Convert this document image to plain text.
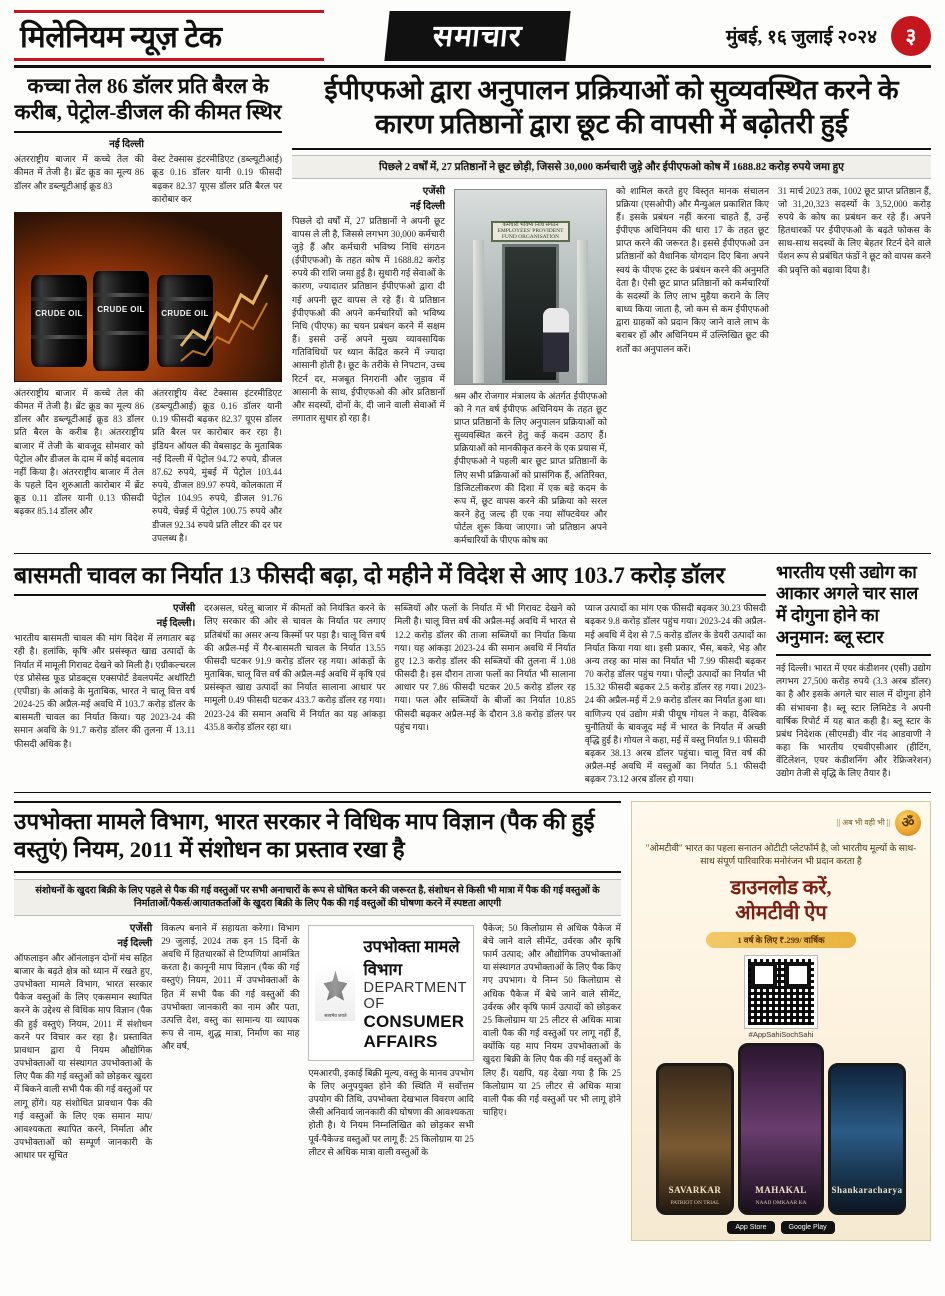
मिलेनियम न्यूज़ टेक	समाचार	मुंबई, १६ जुलाई २०२४	३
कच्चा तेल 86 डॉलर प्रति बैरल के करीब, पेट्रोल-डीजल की कीमत स्थिर
नई दिल्ली
अंतरराष्ट्रीय बाजार में कच्चे तेल की कीमत में तेजी है। ब्रेंट क्रूड का मूल्य 86 डॉलर और डब्ल्यूटीआई क्रूड 83
वेस्ट टेक्सास इंटरमीडिएट (डब्ल्यूटीआई) क्रूड 0.16 डॉलर यानी 0.19 फीसदी बढ़कर 82.37 यूएस डॉलर प्रति बैरल पर कारोबार कर
CRUDE OIL	CRUDE OIL	CRUDE OIL
अंतरराष्ट्रीय बाजार में कच्चे तेल की कीमत में तेजी है। ब्रेंट क्रूड का मूल्य 86 डॉलर और डब्ल्यूटीआई क्रूड 83 डॉलर प्रति बैरल के करीब है। अंतरराष्ट्रीय बाजार में तेजी के बावजूद सोमवार को पेट्रोल और डीजल के दाम में कोई बदलाव नहीं किया है। अंतरराष्ट्रीय बाजार में तेल के पहले दिन शुरुआती कारोबार में ब्रेंट क्रूड 0.11 डॉलर यानी 0.13 फीसदी बढ़कर 85.14 डॉलर और
अंतरराष्ट्रीय वेस्ट टेक्सास इंटरमीडिएट (डब्ल्यूटीआई) क्रूड 0.16 डॉलर यानी 0.19 फीसदी बढ़कर 82.37 यूएस डॉलर प्रति बैरल पर कारोबार कर रहा है। इंडियन ऑयल की वेबसाइट के मुताबिक नई दिल्ली में पेट्रोल 94.72 रुपये, डीजल 87.62 रुपये, मुंबई में पेट्रोल 103.44 रुपये, डीजल 89.97 रुपये, कोलकाता में पेट्रोल 104.95 रुपये, डीजल 91.76 रुपये, चेन्नई में पेट्रोल 100.75 रुपये और डीजल 92.34 रुपये प्रति लीटर की दर पर उपलब्ध है।
ईपीएफओ द्वारा अनुपालन प्रक्रियाओं को सुव्यवस्थित करने के कारण प्रतिष्ठानों द्वारा छूट की वापसी में बढ़ोतरी हुई
पिछले 2 वर्षों में, 27 प्रतिष्ठानों ने छूट छोड़ी, जिससे 30,000 कर्मचारी जुड़े और ईपीएफओ कोष में 1688.82 करोड़ रुपये जमा हुए
एजेंसी
नई दिल्ली
पिछले दो वर्षों में, 27 प्रतिष्ठानों ने अपनी छूट वापस ले ली है, जिससे लगभग 30,000 कर्मचारी जुड़े हैं और कर्मचारी भविष्य निधि संगठन (ईपीएफओ) के तहत कोष में 1688.82 करोड़ रुपये की राशि जमा हुई है। सुधारी गई सेवाओं के कारण, ज्यादातर प्रतिष्ठान ईपीएफओ द्वारा दी गई अपनी छूट वापस ले रहे हैं। ये प्रतिष्ठान ईपीएफओ की अपने कर्मचारियों को भविष्य निधि (पीएफ) का चयन प्रबंधन करने में सक्षम हैं। इससे उन्हें अपने मुख्य व्यावसायिक गतिविधियों पर ध्यान केंद्रित करने में ज्यादा आसानी होती है। छूट के तरीके से निपटान, उच्च रिटर्न दर, मजबूत निगरानी और जुड़ाव में आसानी के साथ, ईपीएफओ की ओर प्रतिष्ठानों और सदस्यों, दोनों के, दी जाने वाली सेवाओं में लगातार सुधार हो रहा है।
कर्मचारी भविष्य निधि संगठन
EMPLOYEES' PROVIDENT FUND ORGANISATION
श्रम और रोजगार मंत्रालय के अंतर्गत ईपीएफओ को ने गत वर्ष ईपीएफ अधिनियम के तहत छूट प्राप्त प्रतिष्ठानों के लिए अनुपालन प्रक्रियाओं को सुव्यवस्थित करने हेतु कई कदम उठाए हैं। प्रक्रियाओं को मानकीकृत करने के एक प्रयास में, ईपीएफओ ने पहली बार छूट प्राप्त प्रतिष्ठानों के लिए सभी प्रक्रियाओं को प्रासंगिक हैं, अतिरिक्त, डिजिटलीकरण की दिशा में एक बड़े कदम के रूप में, छूट वापस करने की प्रक्रिया को सरल करने हेतु जल्द ही एक नया सॉफ्टवेयर और पोर्टल शुरू किया जाएगा। जो प्रतिष्ठान अपने कर्मचारियों के पीएफ कोष का
को शामिल करते हुए विस्तृत मानक संचालन प्रक्रिया (एसओपी) और मैन्युअल प्रकाशित किए हैं। इसके प्रबंधन नहीं करना चाहते हैं, उन्हें ईपीएफ अधिनियम की धारा 17 के तहत छूट प्राप्त करने की जरूरत है। इससे ईपीएफओ उन प्रतिष्ठानों को वैधानिक योगदान दिए बिना अपने स्वयं के पीएफ ट्रस्ट के प्रबंधन करने की अनुमति देता है। ऐसी छूट प्राप्त प्रतिष्ठानों को कर्मचारियों के सदस्यों के लिए लाभ मुहैया कराने के लिए बाध्य किया जाता है, जो कम से कम ईपीएफओ द्वारा ग्राहकों को प्रदान किए जाने वाले लाभ के बराबर हों और अधिनियम में उल्लिखित छूट की शर्तों का अनुपालन करें।
31 मार्च 2023 तक, 1002 छूट प्राप्त प्रतिष्ठान हैं, जो 31,20,323 सदस्यों के 3,52,000 करोड़ रुपये के कोष का प्रबंधन कर रहे हैं। अपने हितधारकों पर ईपीएफओ के बढ़ते फोकस के साथ-साथ सदस्यों के लिए बेहतर रिटर्न देने वाले पेंशन रूप से प्रबंधित फंडों ने छूट को वापस करने की प्रवृत्ति को बढ़ावा दिया है।
बासमती चावल का निर्यात 13 फीसदी बढ़ा, दो महीने में विदेश से आए 103.7 करोड़ डॉलर
एजेंसी
नई दिल्ली।
भारतीय बासमती चावल की मांग विदेश में लगातार बढ़ रही है। हलांकि, कृषि और प्रसंस्कृत खाद्य उत्पादों के निर्यात में मामूली गिरावट देखने को मिली है। एग्रीकल्चरल एंड प्रोसेस्ड फूड प्रोडक्ट्स एक्सपोर्ट डेवलपमेंट अथॉरिटी (एपीडा) के आंकड़े के मुताबिक, भारत ने चालू वित्त वर्ष 2024-25 की अप्रैल-मई अवधि में 103.7 करोड़ डॉलर के बासमती चावल का निर्यात किया। यह 2023-24 की समान अवधि के 91.7 करोड़ डॉलर की तुलना में 13.11 फीसदी अधिक है।
दरअसल, घरेलू बाजार में कीमतों को नियंत्रित करने के लिए सरकार की ओर से चावल के निर्यात पर लगाए प्रतिबंधों का असर अन्य किस्मों पर पड़ा है। चालू वित्त वर्ष की अप्रैल-मई में गैर-बासमती चावल के निर्यात 13.55 फीसदी घटकर 91.9 करोड़ डॉलर रह गया। आंकड़ों के मुताबिक, चालू वित्त वर्ष की अप्रैल-मई अवधि में कृषि एवं प्रसंस्कृत खाद्य उत्पादों का निर्यात सालाना आधार पर मामूली 0.49 फीसदी घटकर 433.7 करोड़ डॉलर रह गया। 2023-24 की समान अवधि में निर्यात का यह आंकड़ा 435.8 करोड़ डॉलर रहा था।
सब्जियों और फलों के निर्यात में भी गिरावट देखने को मिली है। चालू वित्त वर्ष की अप्रैल-मई अवधि में भारत से 12.2 करोड़ डॉलर की ताजा सब्जियों का निर्यात किया गया। यह आंकड़ा 2023-24 की समान अवधि में निर्यात हुए 12.3 करोड़ डॉलर की सब्जियों की तुलना में 1.08 फीसदी है। इस दौरान ताजा फलों का निर्यात भी सालाना आधार पर 7.86 फीसदी घटकर 20.5 करोड़ डॉलर रह गया। फल और सब्जियों के बीजों का निर्यात 10.85 फीसदी बढ़कर अप्रैल-मई के दौरान 3.8 करोड़ डॉलर पर पहुंच गया।
प्याज उत्पादों का मांग एक फीसदी बढ़कर 30.23 फीसदी बढ़कर 9.8 करोड़ डॉलर पहुंच गया। 2023-24 की अप्रैल-मई अवधि में देश से 7.5 करोड़ डॉलर के डेयरी उत्पादों का निर्यात किया गया था। इसी प्रकार, भैंस, बकरे, भेड़ और अन्य तरह का मांस का निर्यात भी 7.99 फीसदी बढ़कर 70 करोड़ डॉलर पहुंच गया। पोल्ट्री उत्पादों का निर्यात भी 15.32 फीसदी बढ़कर 2.5 करोड़ डॉलर रह गया। 2023-24 की अप्रैल-मई में 2.9 करोड़ डॉलर का निर्यात हुआ था। वाणिज्य एवं उद्योग मंत्री पीयूष गोयल ने कहा, वैश्विक चुनौतियों के बावजूद मई में भारत के निर्यात में अच्छी वृद्धि हुई है। गोयल ने कहा, मई में वस्तु निर्यात 9.1 फीसदी बढ़कर 38.13 अरब डॉलर पहुंचा। चालू वित्त वर्ष की अप्रैल-मई अवधि में वस्तुओं का निर्यात 5.1 फीसदी बढ़कर 73.12 अरब डॉलर हो गया।
भारतीय एसी उद्योग का आकार अगले चार साल में दोगुना होने का अनुमान: ब्लू स्टार
नई दिल्ली। भारत में एयर कंडीशनर (एसी) उद्योग लगभग 27,500 करोड़ रुपये (3.3 अरब डॉलर) का है और इसके अगले चार साल में दोगुना होने की संभावना है। ब्लू स्टार लिमिटेड ने अपनी वार्षिक रिपोर्ट में यह बात कही है। ब्लू स्टार के प्रबंध निदेशक (सीएमडी) वीर नंद आडवाणी ने कहा कि भारतीय एचवीएसीआर (हीटिंग, वेंटिलेशन, एयर कंडीशनिंग और रेफ्रिजरेशन) उद्योग तेजी से वृद्धि के लिए तैयार है।
उपभोक्ता मामले विभाग, भारत सरकार ने विधिक माप विज्ञान (पैक की हुई वस्तुएं) नियम, 2011 में संशोधन का प्रस्ताव रखा है
संशोधनों के खुदरा बिक्री के लिए पहले से पैक की गई वस्तुओं पर सभी अनाचारों के रूप से घोषित करने की जरूरत है, संशोधन से किसी भी मात्रा में पैक की गई वस्तुओं के निर्माताओं/पैकर्स/आयातकर्ताओं के खुदरा बिक्री के लिए पैक की गई वस्तुओं की घोषणा करने में स्पष्टता आएगी
एजेंसी
नई दिल्ली
ऑफलाइन और ऑनलाइन दोनों मंच सहित बाजार के बढ़ते क्षेत्र को ध्यान में रखते हुए, उपभोक्ता मामले विभाग, भारत सरकार पैकेज वस्तुओं के लिए एकसमान स्थापित करने के उद्देश्य से विधिक माप विज्ञान (पैक की हुई वस्तुएं) नियम, 2011 में संशोधन करने पर विचार कर रहा है। प्रस्तावित प्रावधान द्वारा ये नियम औद्योगिक उपभोक्ताओं या संस्थागत उपभोक्ताओं के लिए पैक की गई वस्तुओं को छोड़कर खुदरा में बिकने वाली सभी पैक की गई वस्तुओं पर लागू होंगे। यह संशोधित प्रावधान पैक की गई वस्तुओं के लिए एक समान माप/आवश्यकता स्थापित करने, निर्माता और उपभोक्ताओं को सम्पूर्ण जानकारी के आधार पर सूचित
विकल्प बनाने में सहायता करेगा। विभाग 29 जुलाई, 2024 तक इन 15 दिनों के अवधि में हितधारकों से टिप्पणियां आमंत्रित करता है। कानूनी माप विज्ञान (पैक की गई वस्तुएं) नियम, 2011 में उपभोक्ताओं के हित में सभी पैक की गई वस्तुओं की उपभोक्ता जानकारी का नाम और पता, उत्पत्ति देश, वस्तु का सामान्य या व्यापक रूप से नाम, शुद्ध मात्रा, निर्माण का माह और वर्ष,
सत्यमेव जयते
उपभोक्ता मामले विभाग
DEPARTMENT OF
CONSUMER AFFAIRS
एमआरपी, इकाई बिक्री मूल्य, वस्तु के मानव उपभोग के लिए अनुपयुक्त होने की स्थिति में सर्वोत्तम उपयोग की तिथि, उपभोक्ता देखभाल विवरण आदि जैसी अनिवार्य जानकारी की घोषणा की आवश्यकता होती है। ये नियम निम्नलिखित को छोड़कर सभी पूर्व-पैकेज्ड वस्तुओं पर लागू हैं: 25 किलोग्राम या 25 लीटर से अधिक मात्रा वाली वस्तुओं के
पैकेज; 50 किलोग्राम से अधिक पैकेज में बेचे जाने वाले सीमेंट, उर्वरक और कृषि फार्म उत्पाद; और औद्योगिक उपभोक्ताओं या संस्थागत उपभोक्ताओं के लिए पैक किए गए उपभाग। ये निम्न 50 किलोग्राम से अधिक पैकेज में बेचे जाने वाले सीमेंट, उर्वरक और कृषि फार्म उत्पादों को छोड़कर 25 किलोग्राम या 25 लीटर से अधिक मात्रा वाली पैक की गई वस्तुओं पर लागू नहीं हैं, क्योंकि यह माप नियम उपभोक्ताओं के खुदरा बिक्री के लिए पैक की गई वस्तुओं के लिए हैं। यद्यपि, यह देखा गया है कि 25 किलोग्राम या 25 लीटर से अधिक मात्रा वाली पैक की गई वस्तुओं पर भी लागू होने चाहिए।
|| अब भी वही भी || ॐ
"ओमटीवी" भारत का पहला सनातन ओटीटी प्लेटफॉर्म है, जो भारतीय मूल्यों के साथ-साथ संपूर्ण पारिवारिक मनोरंजन भी प्रदान करता है
डाउनलोड करें,
ओमटीवी ऐप
1 वर्ष के लिए ₹.299/ वार्षिक
#AppSahiSochSahi
SAVARKAR
PATRIOT ON TRIAL
MAHAKAL
NAAD OMKAAR KA
Shankaracharya
App Store	Google Play
